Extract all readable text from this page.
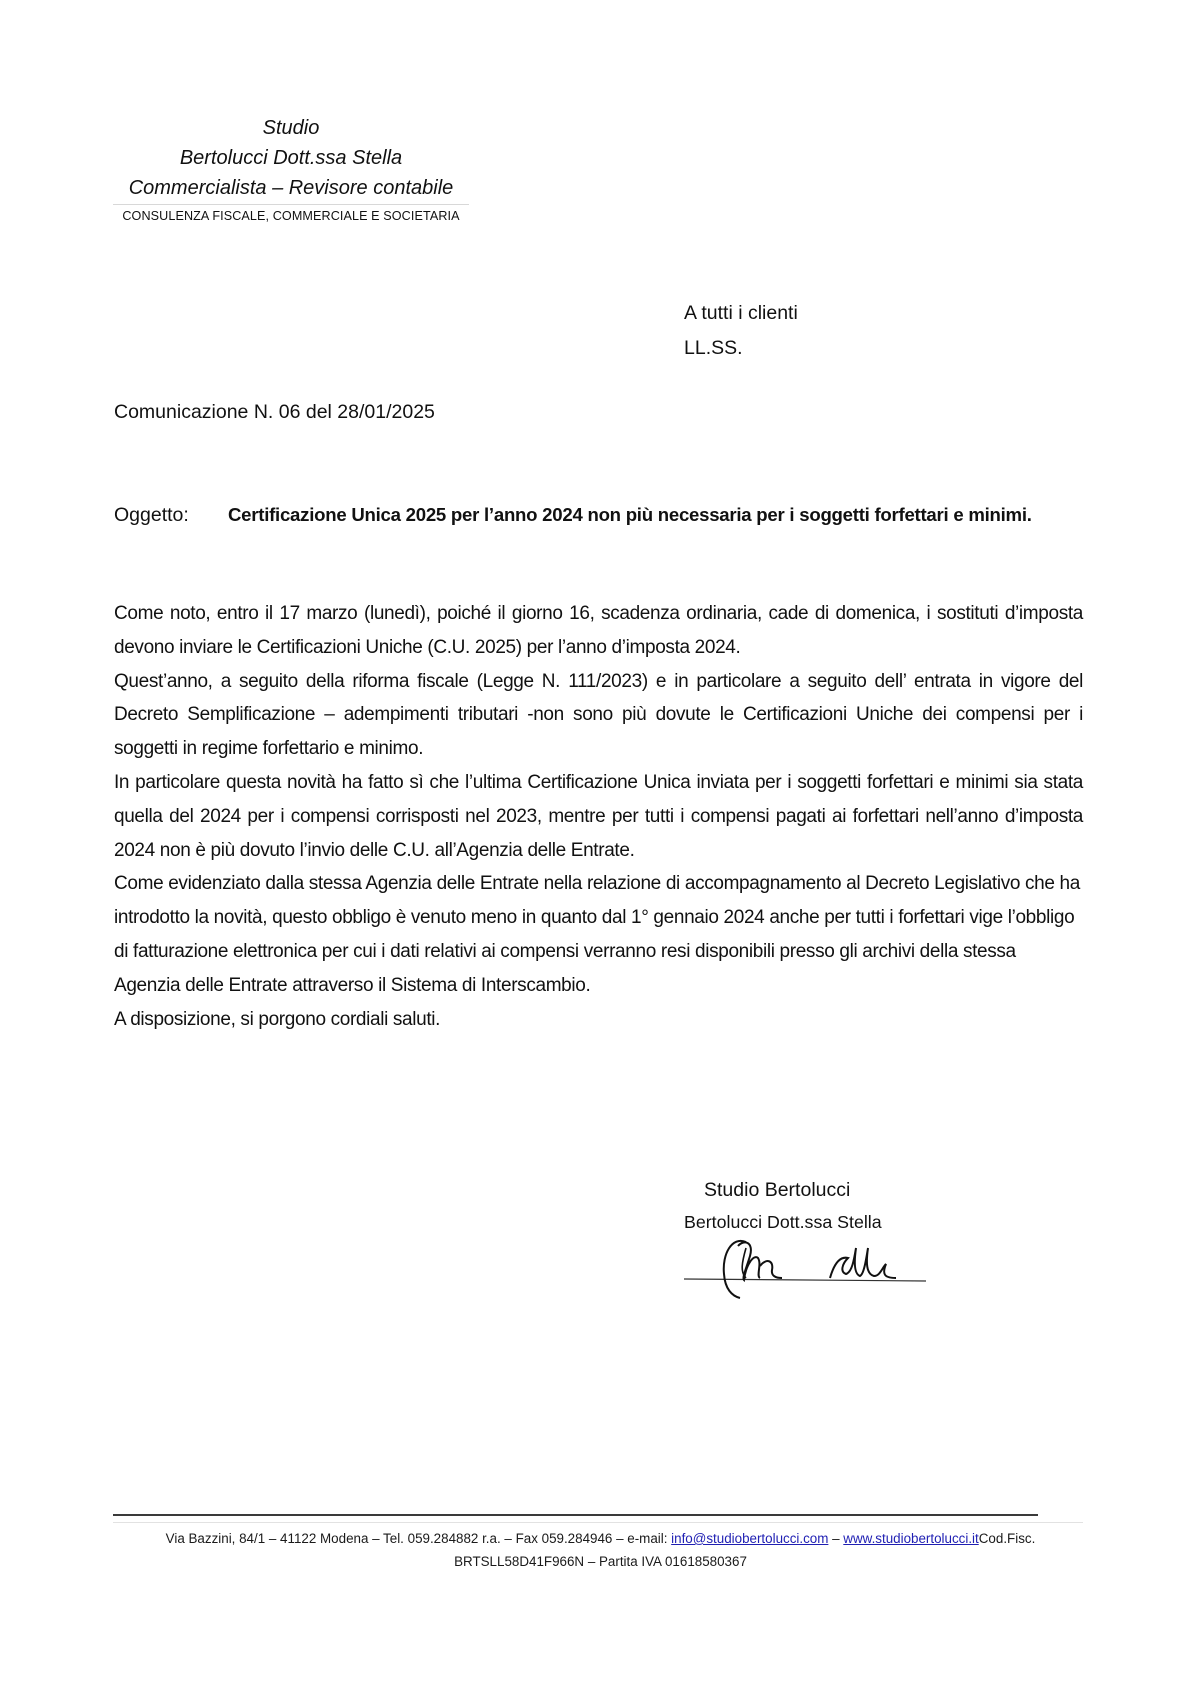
Studio
Bertolucci Dott.ssa Stella
Commercialista – Revisore contabile
CONSULENZA FISCALE, COMMERCIALE E SOCIETARIA
A tutti i clienti
LL.SS.
Comunicazione N. 06 del 28/01/2025
Oggetto:	Certificazione Unica 2025 per l’anno 2024 non più necessaria per i soggetti forfettari e minimi.

Come noto, entro il 17 marzo (lunedì), poiché il giorno 16, scadenza ordinaria, cade di domenica, i sostituti d’imposta devono inviare le Certificazioni Uniche (C.U. 2025) per l’anno d’imposta 2024.

Quest’anno, a seguito della riforma fiscale (Legge N. 111/2023) e in particolare a seguito dell’ entrata in vigore del Decreto Semplificazione – adempimenti tributari -non sono più dovute le Certificazioni Uniche dei compensi per i soggetti in regime forfettario e minimo.

In particolare questa novità ha fatto sì che l’ultima Certificazione Unica inviata per i soggetti forfettari e minimi sia stata quella del 2024 per i compensi corrisposti nel 2023, mentre per tutti i compensi pagati ai forfettari nell’anno d’imposta 2024 non è più dovuto l’invio delle C.U. all’Agenzia delle Entrate.

Come evidenziato dalla stessa Agenzia delle Entrate nella relazione di accompagnamento al Decreto Legislativo che ha introdotto la novità, questo obbligo è venuto meno in quanto dal 1° gennaio 2024 anche per tutti i forfettari vige l’obbligo di fatturazione elettronica per cui i dati relativi ai compensi verranno resi disponibili presso gli archivi della stessa Agenzia delle Entrate attraverso il Sistema di Interscambio.

A disposizione, si porgono cordiali saluti.

Studio Bertolucci
Bertolucci Dott.ssa Stella
Via Bazzini, 84/1 – 41122 Modena – Tel. 059.284882 r.a. – Fax 059.284946 – e-mail: info@studiobertolucci.com – www.studiobertolucci.itCod.Fisc.
BRTSLL58D41F966N – Partita IVA 01618580367
